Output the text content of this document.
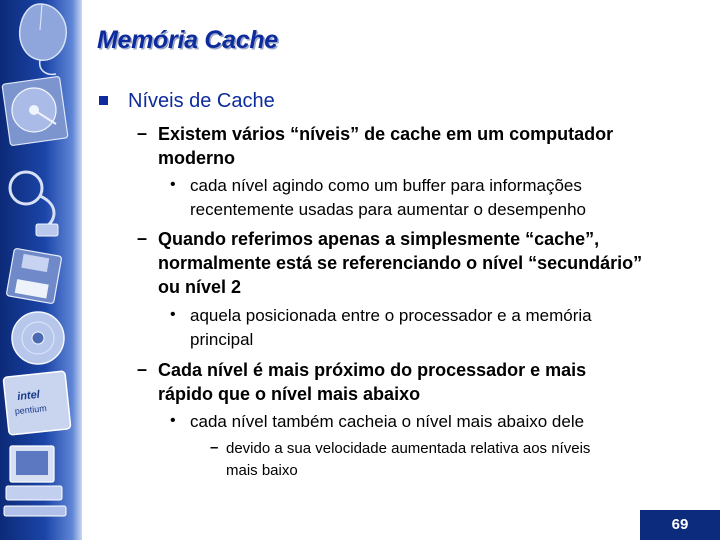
intel
pentium
Memória Cache
Níveis de Cache
– Existem vários “níveis” de cache em um computador
moderno
• cada nível agindo como um buffer para informações
recentemente usadas para aumentar o desempenho
– Quando referimos apenas a simplesmente “cache”,
normalmente está se referenciando o nível “secundário”
ou nível 2
• aquela posicionada entre o processador e a memória
principal
– Cada nível é mais próximo do processador e mais
rápido que o nível mais abaixo
• cada nível também cacheia o nível mais abaixo dele
– devido a sua velocidade aumentada relativa aos níveis
mais baixo
69
